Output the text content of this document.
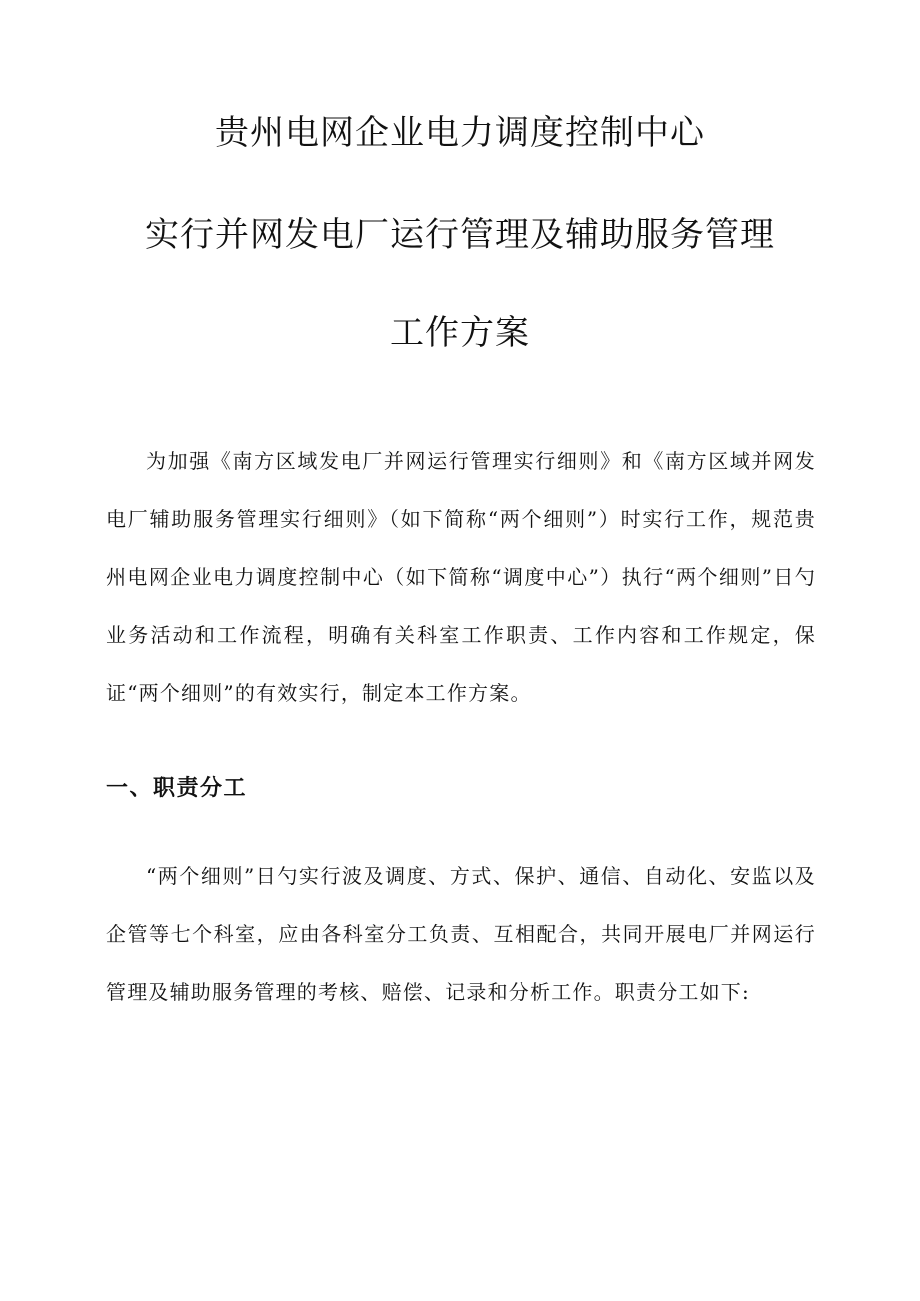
贵州电网企业电力调度控制中心
实行并网发电厂运行管理及辅助服务管理
工作方案

为加强《南方区域发电厂并网运行管理实行细则》和《南方区域并网发电厂辅助服务管理实行细则》（如下简称“两个细则”）时实行工作，规范贵州电网企业电力调度控制中心（如下简称“调度中心”）执行“两个细则”日勺业务活动和工作流程，明确有关科室工作职责、工作内容和工作规定，保证“两个细则”的有效实行，制定本工作方案。

一、职责分工

“两个细则”日勺实行波及调度、方式、保护、通信、自动化、安监以及企管等七个科室，应由各科室分工负责、互相配合，共同开展电厂并网运行管理及辅助服务管理的考核、赔偿、记录和分析工作。职责分工如下:
